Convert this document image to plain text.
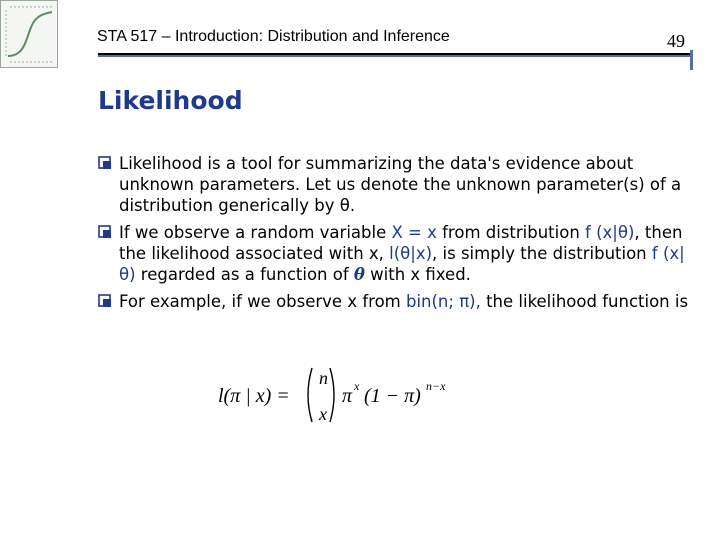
STA 517 – Introduction: Distribution and Inference	49
Likelihood
Likelihood is a tool for summarizing the data's evidence about unknown parameters. Let us denote the unknown parameter(s) of a distribution generically by θ.
If we observe a random variable X = x from distribution f (x|θ), then the likelihood associated with x, l(θ|x), is simply the distribution f (x|θ) regarded as a function of θ with x fixed.
For example, if we observe x from bin(n; π), the likelihood function is
l(π | x) =
n
x
π x (1 − π) n−x
